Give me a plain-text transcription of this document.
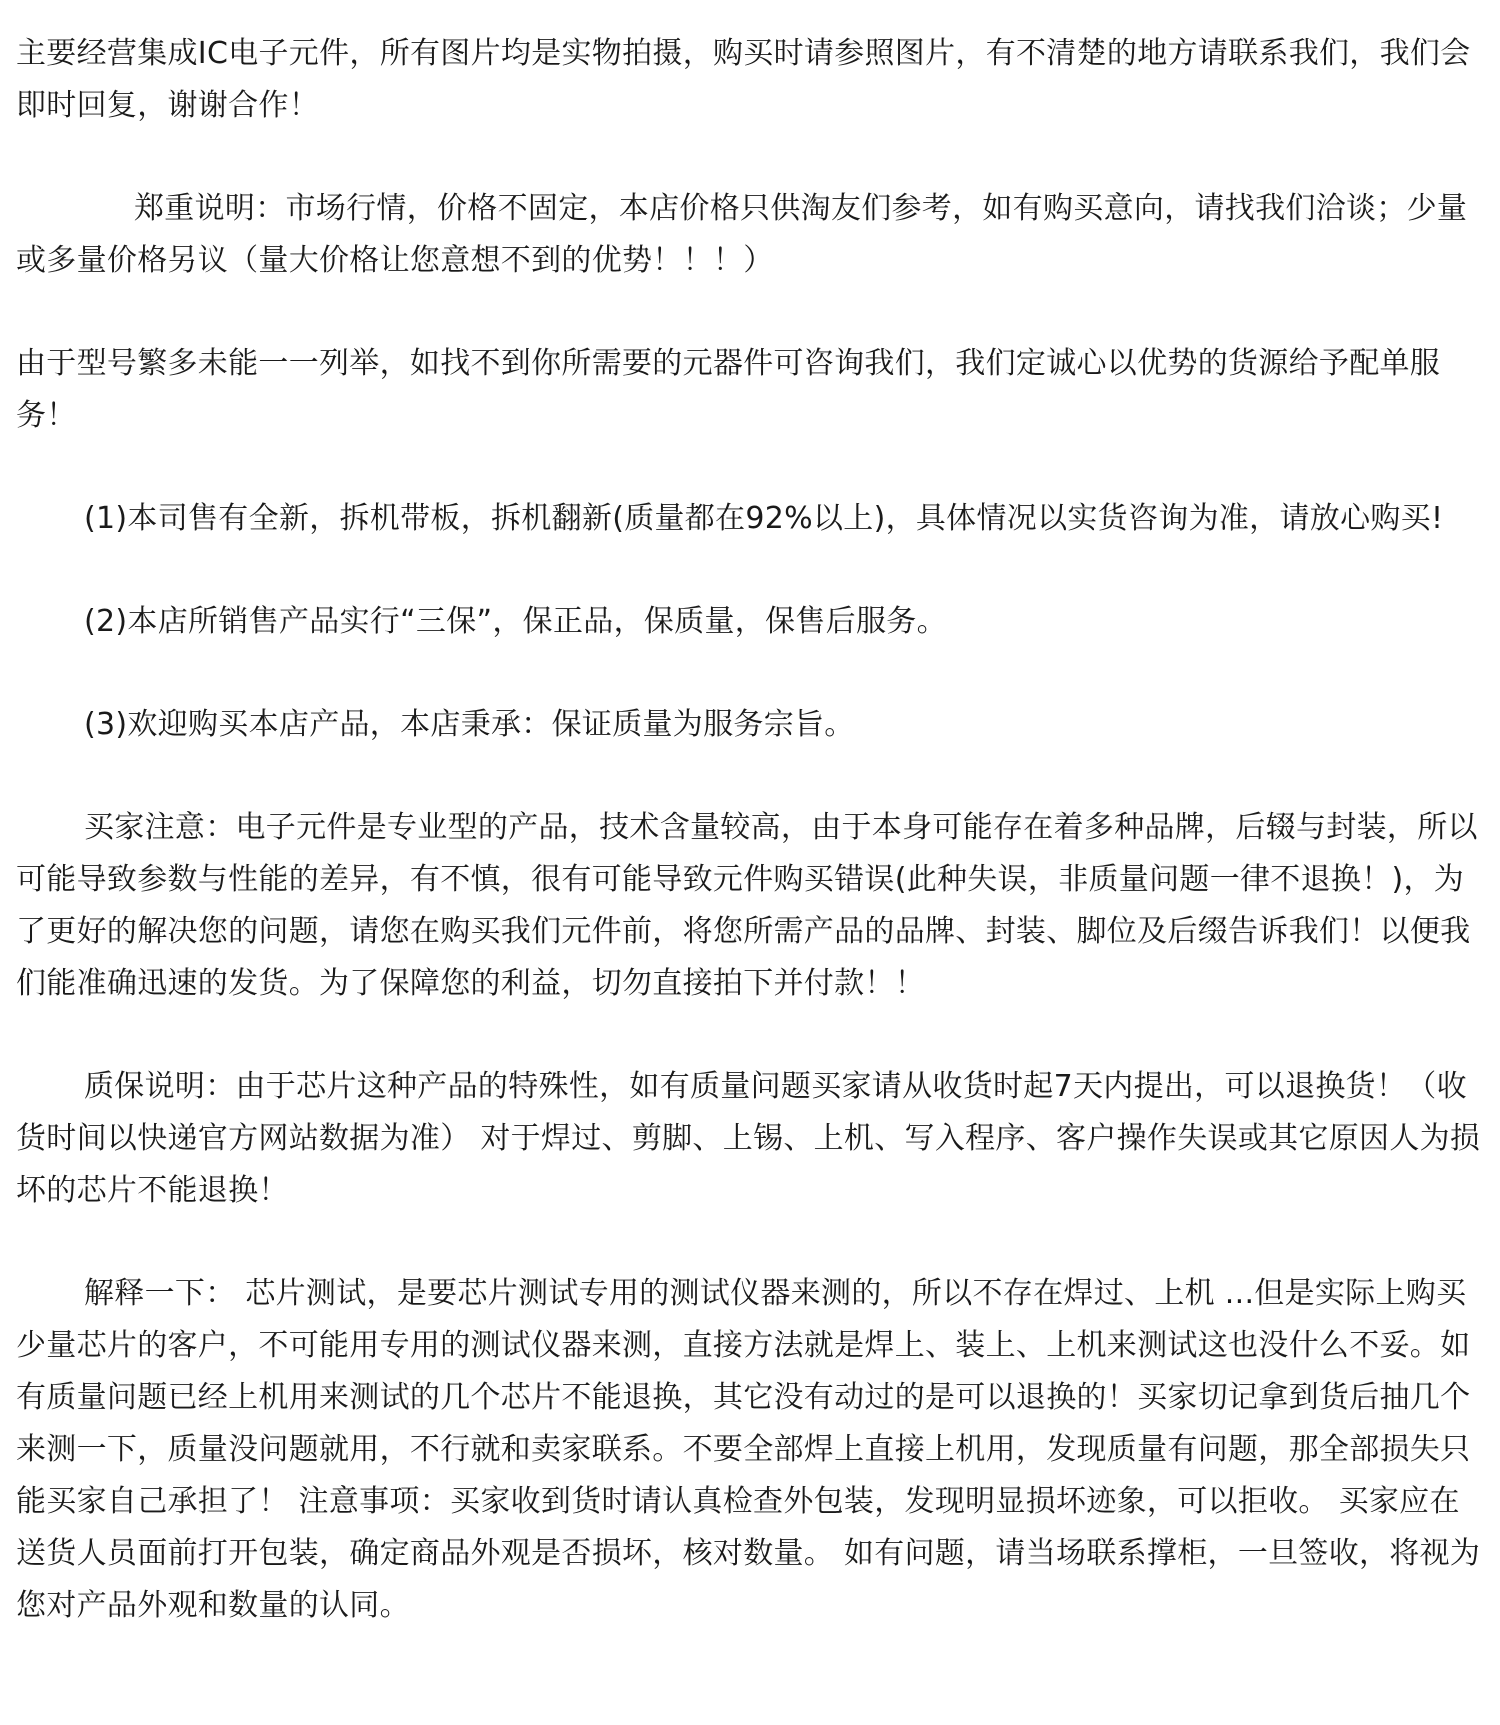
主要经营集成IC电子元件，所有图片均是实物拍摄，购买时请参照图片，有不清楚的地方请联系我们，我们会即时回复，谢谢合作！

郑重说明：市场行情，价格不固定，本店价格只供淘友们参考，如有购买意向，请找我们洽谈；少量或多量价格另议（量大价格让您意想不到的优势！！！）

由于型号繁多未能一一列举，如找不到你所需要的元器件可咨询我们，我们定诚心以优势的货源给予配单服务！

(1)本司售有全新，拆机带板，拆机翻新(质量都在92%以上)，具体情况以实货咨询为准，请放心购买!

(2)本店所销售产品实行“三保”，保正品，保质量，保售后服务。

(3)欢迎购买本店产品，本店秉承：保证质量为服务宗旨。

买家注意：电子元件是专业型的产品，技术含量较高，由于本身可能存在着多种品牌，后辍与封装，所以可能导致参数与性能的差异，有不慎，很有可能导致元件购买错误(此种失误，非质量问题一律不退换！)，为了更好的解决您的问题，请您在购买我们元件前，将您所需产品的品牌、封装、脚位及后缀告诉我们！以便我们能准确迅速的发货。为了保障您的利益，切勿直接拍下并付款！！

质保说明：由于芯片这种产品的特殊性，如有质量问题买家请从收货时起7天内提出，可以退换货！（收货时间以快递官方网站数据为准） 对于焊过、剪脚、上锡、上机、写入程序、客户操作失误或其它原因人为损坏的芯片不能退换！

解释一下： 芯片测试，是要芯片测试专用的测试仪器来测的，所以不存在焊过、上机 ...但是实际上购买少量芯片的客户，不可能用专用的测试仪器来测，直接方法就是焊上、装上、上机来测试这也没什么不妥。如有质量问题已经上机用来测试的几个芯片不能退换，其它没有动过的是可以退换的！买家切记拿到货后抽几个来测一下，质量没问题就用，不行就和卖家联系。不要全部焊上直接上机用，发现质量有问题，那全部损失只能买家自己承担了！ 注意事项：买家收到货时请认真检查外包装，发现明显损坏迹象，可以拒收。 买家应在送货人员面前打开包装，确定商品外观是否损坏，核对数量。 如有问题，请当场联系撑柜，一旦签收，将视为您对产品外观和数量的认同。
